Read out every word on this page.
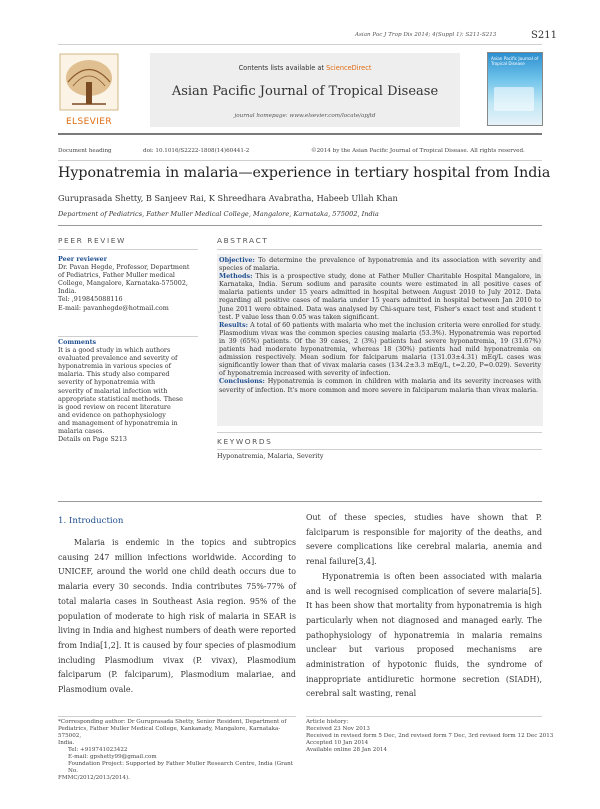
Asian Pac J Trop Dis 2014; 4(Suppl 1): S211-S213	S211
ELSEVIER
Contents lists available at ScienceDirect
Asian Pacific Journal of Tropical Disease
journal homepage: www.elsevier.com/locate/apjtd
Asian Pacific Journal of Tropical Disease
Document heading	doi: 10.1016/S2222-1808(14)60441-2	©2014 by the Asian Pacific Journal of Tropical Disease. All rights reserved.
Hyponatremia in malaria—experience in tertiary hospital from India
Guruprasada Shetty, B Sanjeev Rai, K Shreedhara Avabratha, Habeeb Ullah Khan
Department of Pediatrics, Father Muller Medical College, Mangalore, Karnataka, 575002, India
PEER REVIEW
Peer reviewer
Dr. Pavan Hegde, Professor, Department
of Pediatrics, Father Muller medical
College, Mangalore, Karnataka-575002,
India.
Tel: ,919845088116
E-mail: pavanhegde@hotmail.com
Comments
It is a good study in which authors
evaluated prevalence and severity of
hyponatremia in various species of
malaria. This study also compared
severity of hyponatremia with
severity of malarial infection with
appropriate statistical methods. These
is good review on recent literature
and evidence on pathophysiology
and management of hyponatremia in
malaria cases.
Details on Page S213
ABSTRACT
Objective: To determine the prevalence of hyponatremia and its association with severity and species of malaria.
Methods: This is a prospective study, done at Father Muller Charitable Hospital Mangalore, in Karnataka, India. Serum sodium and parasite counts were estimated in all positive cases of malaria patients under 15 years admitted in hospital between August 2010 to July 2012. Data regarding all positive cases of malaria under 15 years admitted in hospital between Jan 2010 to June 2011 were obtained. Data was analysed by Chi-square test, Fisher's exact test and student t test. P value less than 0.05 was taken significant.
Results: A total of 60 patients with malaria who met the inclusion criteria were enrolled for study. Plasmodium vivax was the common species causing malaria (53.3%). Hyponatremia was reported in 39 (65%) patients. Of the 39 cases, 2 (3%) patients had severe hyponatremia, 19 (31.67%) patients had moderate hyponatremia, whereas 18 (30%) patients had mild hyponatremia on admission respectively. Mean sodium for falciparum malaria (131.03±4.31) mEq/L cases was significantly lower than that of vivax malaria cases (134.2±3.3 mEq/L, t=2.20, P=0.029). Severity of hyponatremia increased with severity of infection.
Conclusions: Hyponatremia is common in children with malaria and its severity increases with severity of infection. It's more common and more severe in falciparum malaria than vivax malaria.
KEYWORDS
Hyponatremia, Malaria, Severity
1. Introduction

Malaria is endemic in the topics and subtropics causing 247 million infections worldwide. According to UNICEF, around the world one child death occurs due to malaria every 30 seconds. India contributes 75%-77% of total malaria cases in Southeast Asia region. 95% of the population of moderate to high risk of malaria in SEAR is living in India and highest numbers of death were reported from India[1,2]. It is caused by four species of plasmodium including Plasmodium vivax (P. vivax), Plasmodium falciparum (P. falciparum), Plasmodium malariae, and Plasmodium ovale.

Out of these species, studies have shown that P. falciparum is responsible for majority of the deaths, and severe complications like cerebral malaria, anemia and renal failure[3,4].

Hyponatremia is often been associated with malaria and is well recognised complication of severe malaria[5]. It has been show that mortality from hyponatremia is high particularly when not diagnosed and managed early. The pathophysiology of hyponatremia in malaria remains unclear but various proposed mechanisms are administration of hypotonic fluids, the syndrome of inappropriate antidiuretic hormone secretion (SIADH), cerebral salt wasting, renal

*Corresponding author: Dr Guruprasada Shetty, Senior Resident, Department of
Pediatrics, Father Muller Medical College, Kankanady, Mangalore, Karnataka-575002,
India.
Tel: +919741023422
E-mail: gpshetty99@gmail.com
Foundation Project: Supported by Father Muller Research Centre, India (Grant No.
FMMC/2012/2013/2014).
Article history:
Received 23 Nov 2013
Received in revised form 5 Dec, 2nd revised form 7 Dec, 3rd revised form 12 Dec 2013
Accepted 10 Jan 2014
Available online 28 Jan 2014
